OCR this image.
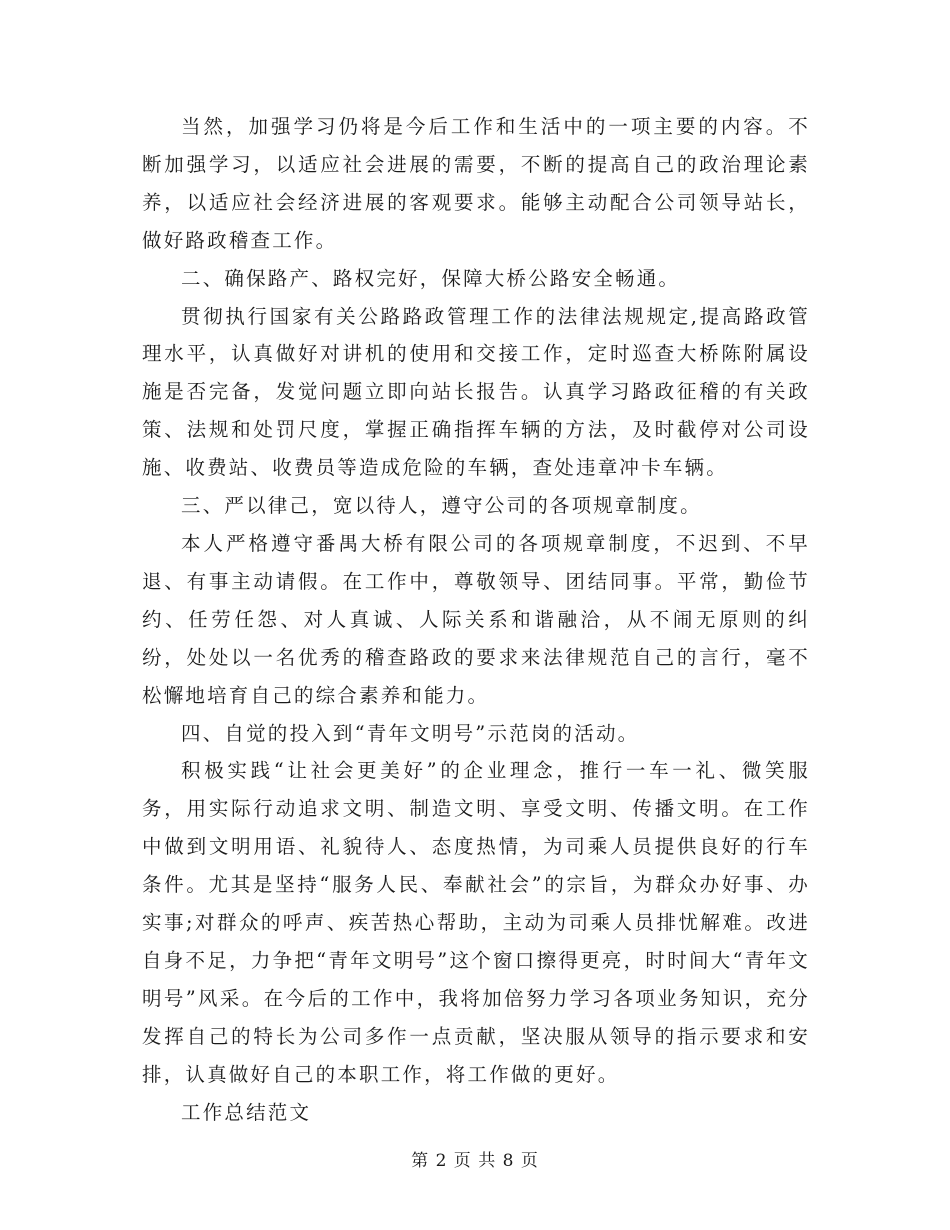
当然，加强学习仍将是今后工作和生活中的一项主要的内容。不断加强学习，以适应社会进展的需要，不断的提高自己的政治理论素养，以适应社会经济进展的客观要求。能够主动配合公司领导站长，做好路政稽查工作。

二、确保路产、路权完好，保障大桥公路安全畅通。

贯彻执行国家有关公路路政管理工作的法律法规规定,提高路政管理水平，认真做好对讲机的使用和交接工作，定时巡查大桥陈附属设施是否完备，发觉问题立即向站长报告。认真学习路政征稽的有关政策、法规和处罚尺度，掌握正确指挥车辆的方法，及时截停对公司设施、收费站、收费员等造成危险的车辆，查处违章冲卡车辆。

三、严以律己，宽以待人，遵守公司的各项规章制度。

本人严格遵守番禺大桥有限公司的各项规章制度，不迟到、不早退、有事主动请假。在工作中，尊敬领导、团结同事。平常，勤俭节约、任劳任怨、对人真诚、人际关系和谐融洽，从不闹无原则的纠纷，处处以一名优秀的稽查路政的要求来法律规范自己的言行，毫不松懈地培育自己的综合素养和能力。

四、自觉的投入到“青年文明号”示范岗的活动。

积极实践“让社会更美好”的企业理念，推行一车一礼、微笑服务，用实际行动追求文明、制造文明、享受文明、传播文明。在工作中做到文明用语、礼貌待人、态度热情，为司乘人员提供良好的行车条件。尤其是坚持“服务人民、奉献社会”的宗旨，为群众办好事、办实事;对群众的呼声、疾苦热心帮助，主动为司乘人员排忧解难。改进自身不足，力争把“青年文明号”这个窗口擦得更亮，时时间大“青年文明号”风采。在今后的工作中，我将加倍努力学习各项业务知识，充分发挥自己的特长为公司多作一点贡献，坚决服从领导的指示要求和安排，认真做好自己的本职工作，将工作做的更好。

工作总结范文

第 2 页 共 8 页
